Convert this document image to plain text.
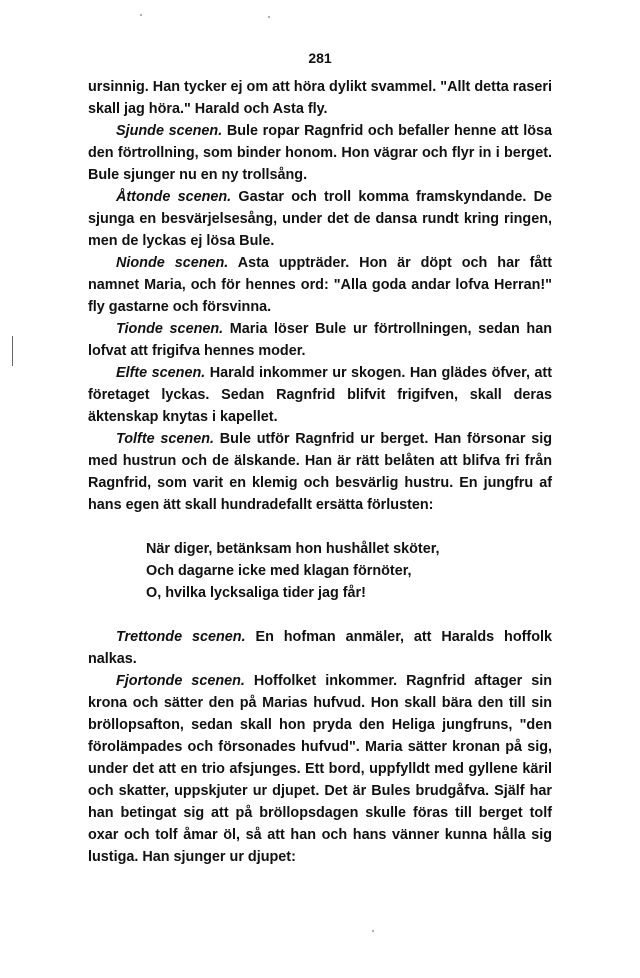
281

ursinnig. Han tycker ej om att höra dylikt svammel. "Allt detta raseri skall jag höra." Harald och Asta fly.

Sjunde scenen. Bule ropar Ragnfrid och befaller henne att lösa den förtrollning, som binder honom. Hon vägrar och flyr in i berget. Bule sjunger nu en ny trollsång.

Åttonde scenen. Gastar och troll komma framskyndande. De sjunga en besvärjelsesång, under det de dansa rundt kring ringen, men de lyckas ej lösa Bule.

Nionde scenen. Asta uppträder. Hon är döpt och har fått namnet Maria, och för hennes ord: "Alla goda andar lofva Herran!" fly gastarne och försvinna.

Tionde scenen. Maria löser Bule ur förtrollningen, sedan han lofvat att frigifva hennes moder.

Elfte scenen. Harald inkommer ur skogen. Han glädes öfver, att företaget lyckas. Sedan Ragnfrid blifvit frigifven, skall deras äktenskap knytas i kapellet.

Tolfte scenen. Bule utför Ragnfrid ur berget. Han försonar sig med hustrun och de älskande. Han är rätt belåten att blifva fri från Ragnfrid, som varit en klemig och besvärlig hustru. En jungfru af hans egen ätt skall hundradefallt ersätta förlusten:

När diger, betänksam hon hushållet sköter,
Och dagarne icke med klagan förnöter,
O, hvilka lycksaliga tider jag får!

Trettonde scenen. En hofman anmäler, att Haralds hoffolk nalkas.

Fjortonde scenen. Hoffolket inkommer. Ragnfrid aftager sin krona och sätter den på Marias hufvud. Hon skall bära den till sin bröllopsafton, sedan skall hon pryda den Heliga jungfruns, "den förolämpades och försonades hufvud". Maria sätter kronan på sig, under det att en trio afsjunges. Ett bord, uppfylldt med gyllene käril och skatter, uppskjuter ur djupet. Det är Bules brudgåfva. Själf har han betingat sig att på bröllopsdagen skulle föras till berget tolf oxar och tolf åmar öl, så att han och hans vänner kunna hålla sig lustiga. Han sjunger ur djupet:
